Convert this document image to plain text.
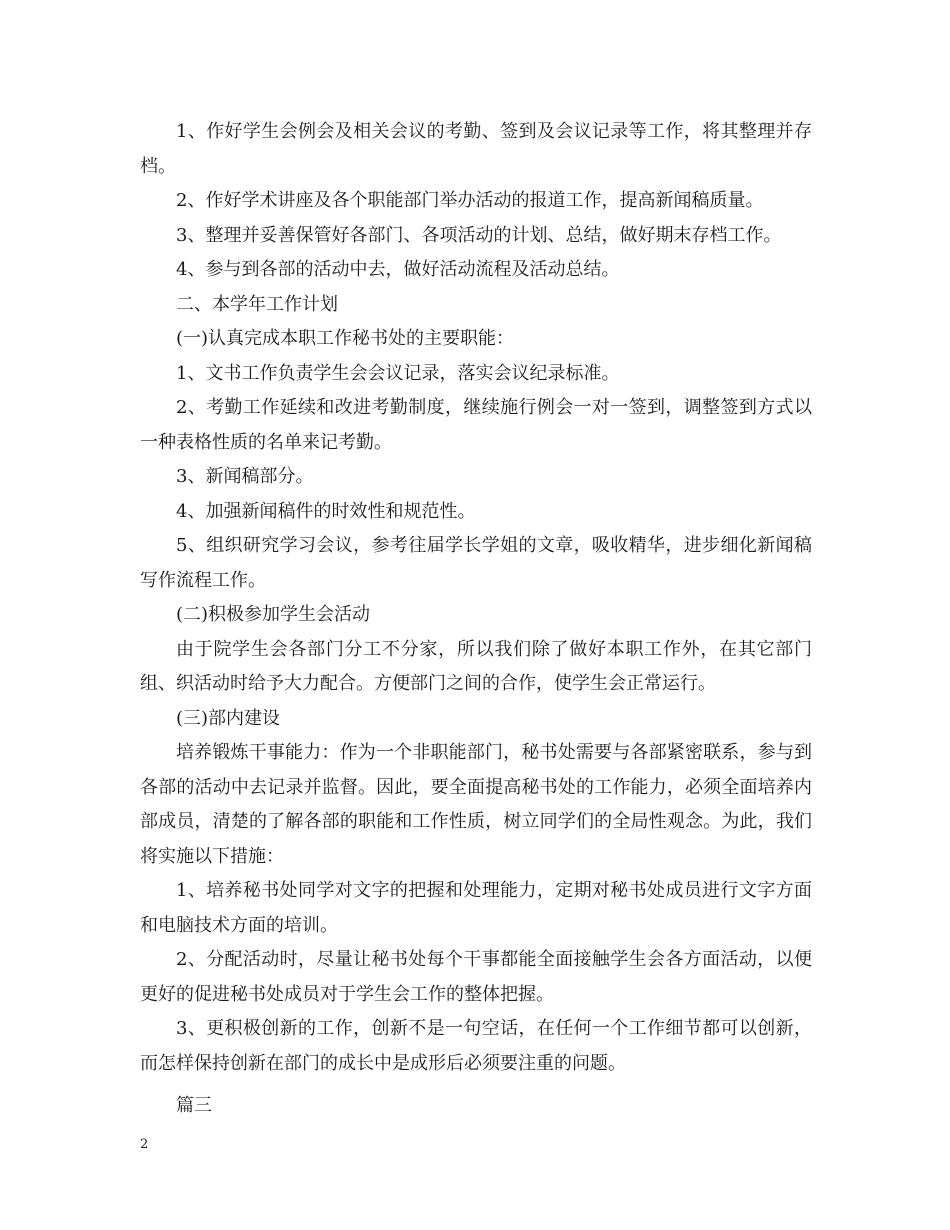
1、作好学生会例会及相关会议的考勤、签到及会议记录等工作，将其整理并存档。

2、作好学术讲座及各个职能部门举办活动的报道工作，提高新闻稿质量。

3、整理并妥善保管好各部门、各项活动的计划、总结，做好期末存档工作。

4、参与到各部的活动中去，做好活动流程及活动总结。

二、本学年工作计划

(一)认真完成本职工作秘书处的主要职能：

1、文书工作负责学生会会议记录，落实会议纪录标准。

2、考勤工作延续和改进考勤制度，继续施行例会一对一签到，调整签到方式以一种表格性质的名单来记考勤。

3、新闻稿部分。

4、加强新闻稿件的时效性和规范性。

5、组织研究学习会议，参考往届学长学姐的文章，吸收精华，进步细化新闻稿写作流程工作。

(二)积极参加学生会活动

由于院学生会各部门分工不分家，所以我们除了做好本职工作外，在其它部门组、织活动时给予大力配合。方便部门之间的合作，使学生会正常运行。

(三)部内建设

培养锻炼干事能力：作为一个非职能部门，秘书处需要与各部紧密联系，参与到各部的活动中去记录并监督。因此，要全面提高秘书处的工作能力，必须全面培养内部成员，清楚的了解各部的职能和工作性质，树立同学们的全局性观念。为此，我们将实施以下措施：

1、培养秘书处同学对文字的把握和处理能力，定期对秘书处成员进行文字方面和电脑技术方面的培训。

2、分配活动时，尽量让秘书处每个干事都能全面接触学生会各方面活动，以便更好的促进秘书处成员对于学生会工作的整体把握。

3、更积极创新的工作，创新不是一句空话，在任何一个工作细节都可以创新，而怎样保持创新在部门的成长中是成形后必须要注重的问题。

篇三

2
